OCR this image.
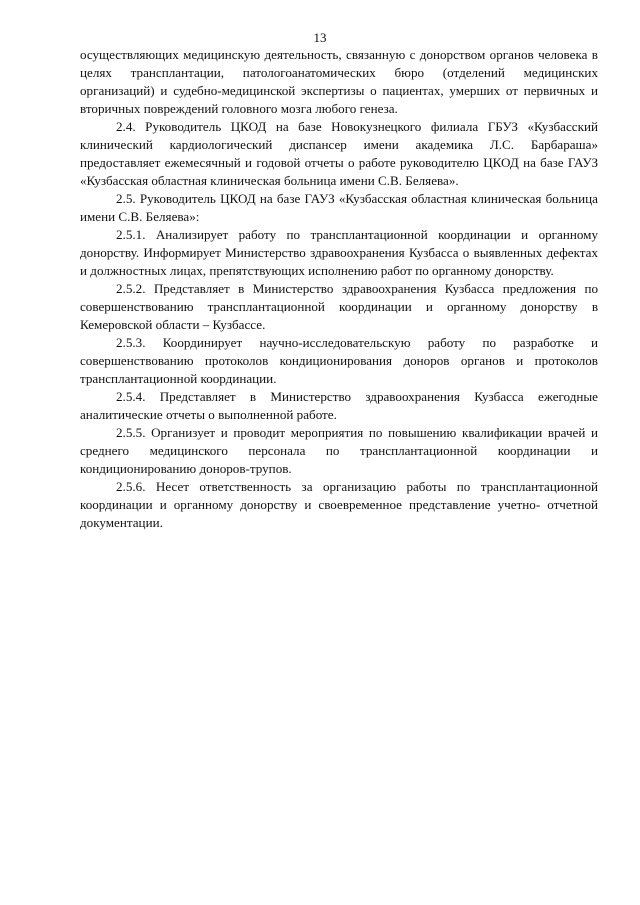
13

осуществляющих медицинскую деятельность, связанную с донорством органов человека в целях трансплантации, патологоанатомических бюро (отделений медицинских организаций) и судебно-медицинской экспертизы о пациентах, умерших от первичных и вторичных повреждений головного мозга любого генеза.

2.4. Руководитель ЦКОД на базе Новокузнецкого филиала ГБУЗ «Кузбасский клинический кардиологический диспансер имени академика Л.С. Барбараша» предоставляет ежемесячный и годовой отчеты о работе руководителю ЦКОД на базе ГАУЗ «Кузбасская областная клиническая больница имени С.В. Беляева».

2.5. Руководитель ЦКОД на базе ГАУЗ «Кузбасская областная клиническая больница имени С.В. Беляева»:

2.5.1. Анализирует работу по трансплантационной координации и органному донорству. Информирует Министерство здравоохранения Кузбасса о выявленных дефектах и должностных лицах, препятствующих исполнению работ по органному донорству.

2.5.2. Представляет в Министерство здравоохранения Кузбасса предложения по совершенствованию трансплантационной координации и органному донорству в Кемеровской области – Кузбассе.

2.5.3. Координирует научно-исследовательскую работу по разработке и совершенствованию протоколов кондиционирования доноров органов и протоколов трансплантационной координации.

2.5.4. Представляет в Министерство здравоохранения Кузбасса ежегодные аналитические отчеты о выполненной работе.

2.5.5. Организует и проводит мероприятия по повышению квалификации врачей и среднего медицинского персонала по трансплантационной координации и кондиционированию доноров-трупов.

2.5.6. Несет ответственность за организацию работы по трансплантационной координации и органному донорству и своевременное представление учетно- отчетной документации.
